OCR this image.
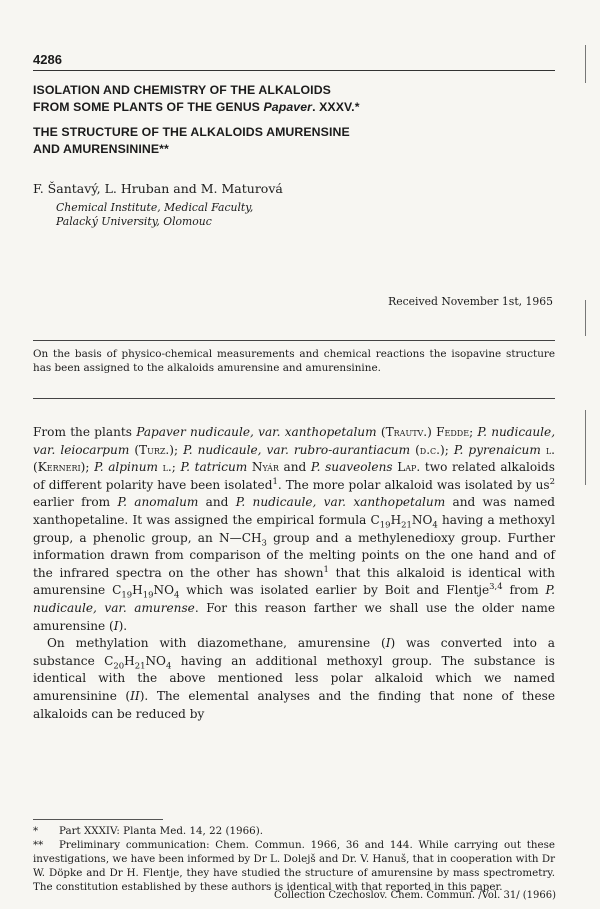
4286
ISOLATION AND CHEMISTRY OF THE ALKALOIDS
FROM SOME PLANTS OF THE GENUS Papaver. XXXV.*
THE STRUCTURE OF THE ALKALOIDS AMURENSINE
AND AMURENSININE**
F. Šantavý, L. Hruban and M. Maturová
Chemical Institute, Medical Faculty,
Palacký University, Olomouc
Received November 1st, 1965
On the basis of physico-chemical measurements and chemical reactions the isopavine structure has been assigned to the alkaloids amurensine and amurensinine.

From the plants Papaver nudicaule, var. xanthopetalum (Trautv.) Fedde; P. nudicaule, var. leiocarpum (Turz.); P. nudicaule, var. rubro-aurantiacum (d.c.); P. pyrenaicum l. (Kerneri); P. alpinum l.; P. tatricum Nyár and P. suaveolens Lap. two related alkaloids of different polarity have been isolated$^1$. The more polar alkaloid was isolated by $us^2$ earlier from P. anomalum and P. nudicaule, var. xanthopetalum and was named xanthopetaline. It was assigned the empirical formula $C_{19}H_{21}NO_4$ having a methoxyl group, a phenolic group, an $N—CH_3$ group and a methylenedioxy group. Further information drawn from comparison of the melting points on the one hand and of the infrared spectra on the other has shown$^1$ that this alkaloid is identical with amurensine $C_{19}H_{19}NO_4$ which was isolated earlier by Boit and Flentje$^{3,4}$ from P. nudicaule, var. amurense. For this reason farther we shall use the older name amurensine (I).

On methylation with diazomethane, amurensine (I) was converted into a substance $C_{20}H_{21}NO_4$ having an additional methoxyl group. The substance is identical with the above mentioned less polar alkaloid which we named amurensinine (II). The elemental analyses and the finding that none of these alkaloids can be reduced by

* Part XXXIV: Planta Med. 14, 22 (1966).

** Preliminary communication: Chem. Commun. 1966, 36 and 144. While carrying out these investigations, we have been informed by Dr L. Dolejš and Dr. V. Hanuš, that in cooperation with Dr W. Döpke and Dr H. Flentje, they have studied the structure of amurensine by mass spectrometry. The constitution established by these authors is identical with that reported in this paper.

Collection Czechoslov. Chem. Commun. /Vol. 31/ (1966)
